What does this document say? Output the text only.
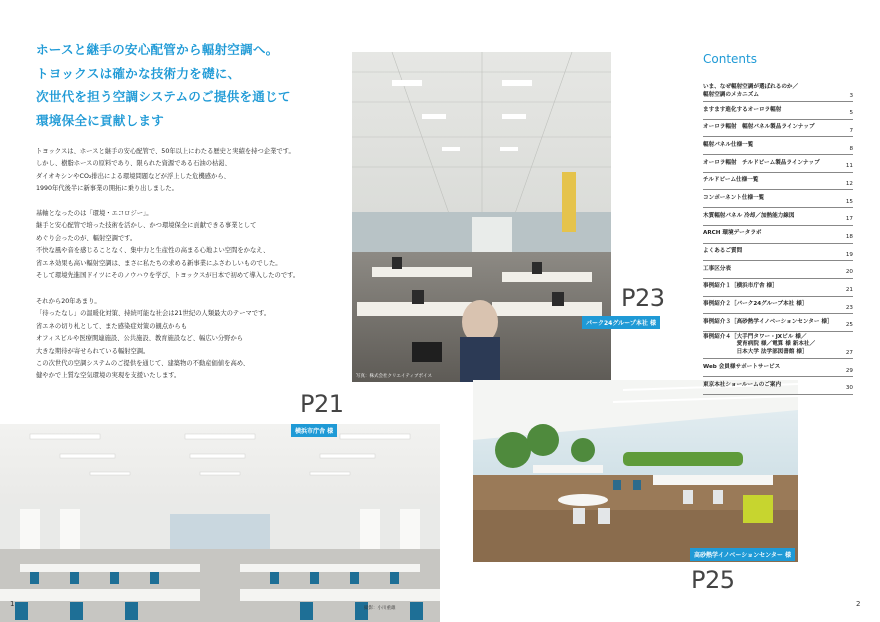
ホースと継手の安心配管から輻射空調へ。
トヨックスは確かな技術力を礎に、
次世代を担う空調システムのご提供を通じて
環境保全に貢献します
トヨックスは、ホースと継手の安心配管で、50年以上にわたる歴史と実績を持つ企業です。
しかし、樹脂ホースの原料であり、限られた資源である石油の枯渇、
ダイオキシンやCO₂排出による環境問題などが浮上した危機感から、
1990年代後半に新事業の開拓に乗り出しました。
基軸となったのは「環境・エコロジー」。
継手と安心配管で培った技術を活かし、かつ環境保全に貢献できる事業として
めぐり会ったのが、輻射空調です。
不快な風や音を感じることなく、集中力と生産性の高まる心地よい空間をかなえ、
省エネ効果も高い輻射空調は、まさに私たちの求める新事業にふさわしいものでした。
そして環境先進国ドイツにそのノウハウを学び、トヨックスが日本で初めて導入したのです。
それから20年あまり。
「待ったなし」の温暖化対策、持続可能な社会は21世紀の人類最大のテーマです。
省エネの切り札として、また感染症対策の観点からも
オフィスビルや医療関連施設、公共施設、教育施設など、幅広い分野から
大きな期待が寄せられている輻射空調。
この次世代の空調システムのご提供を通じて、建築物の不動産価値を高め、
健やかで上質な空気環境の実現を支援いたします。
P23
パーク24グループ本社 様
写真：株式会社クリエイティブボイス
P21
横浜市庁舎 様
撮影：小川重雄
1
高砂熱学イノベーションセンター 様
P25
2
Contents
いま、なぜ輻射空調が選ばれるのか／
輻射空調のメカニズム	3
ますます進化するオーロラ輻射
5
オーロラ輻射　輻射パネル製品ラインナップ
7
輻射パネル仕様一覧
8
オーロラ輻射　チルドビーム製品ラインナップ
11
チルドビーム仕様一覧
12
コンポーネント仕様一覧
15
木質輻射パネル 冷却／加熱能力線図
17
ARCH 環境データラボ
18
よくあるご質問
19
工事区分表
20
事例紹介１［横浜市庁舎 様］
21
事例紹介２［パーク24グループ本社 様］
23
事例紹介３［高砂熱学イノベーションセンター 様］
25
事例紹介４［大手門タワー・JXビル 様／
　　　　　　愛育病院 様／電算 様 新本社／
　　　　　　日本大学 法学部図書館 様］	27
Web 会員様サポートサービス
29
東京本社ショールームのご案内
30
